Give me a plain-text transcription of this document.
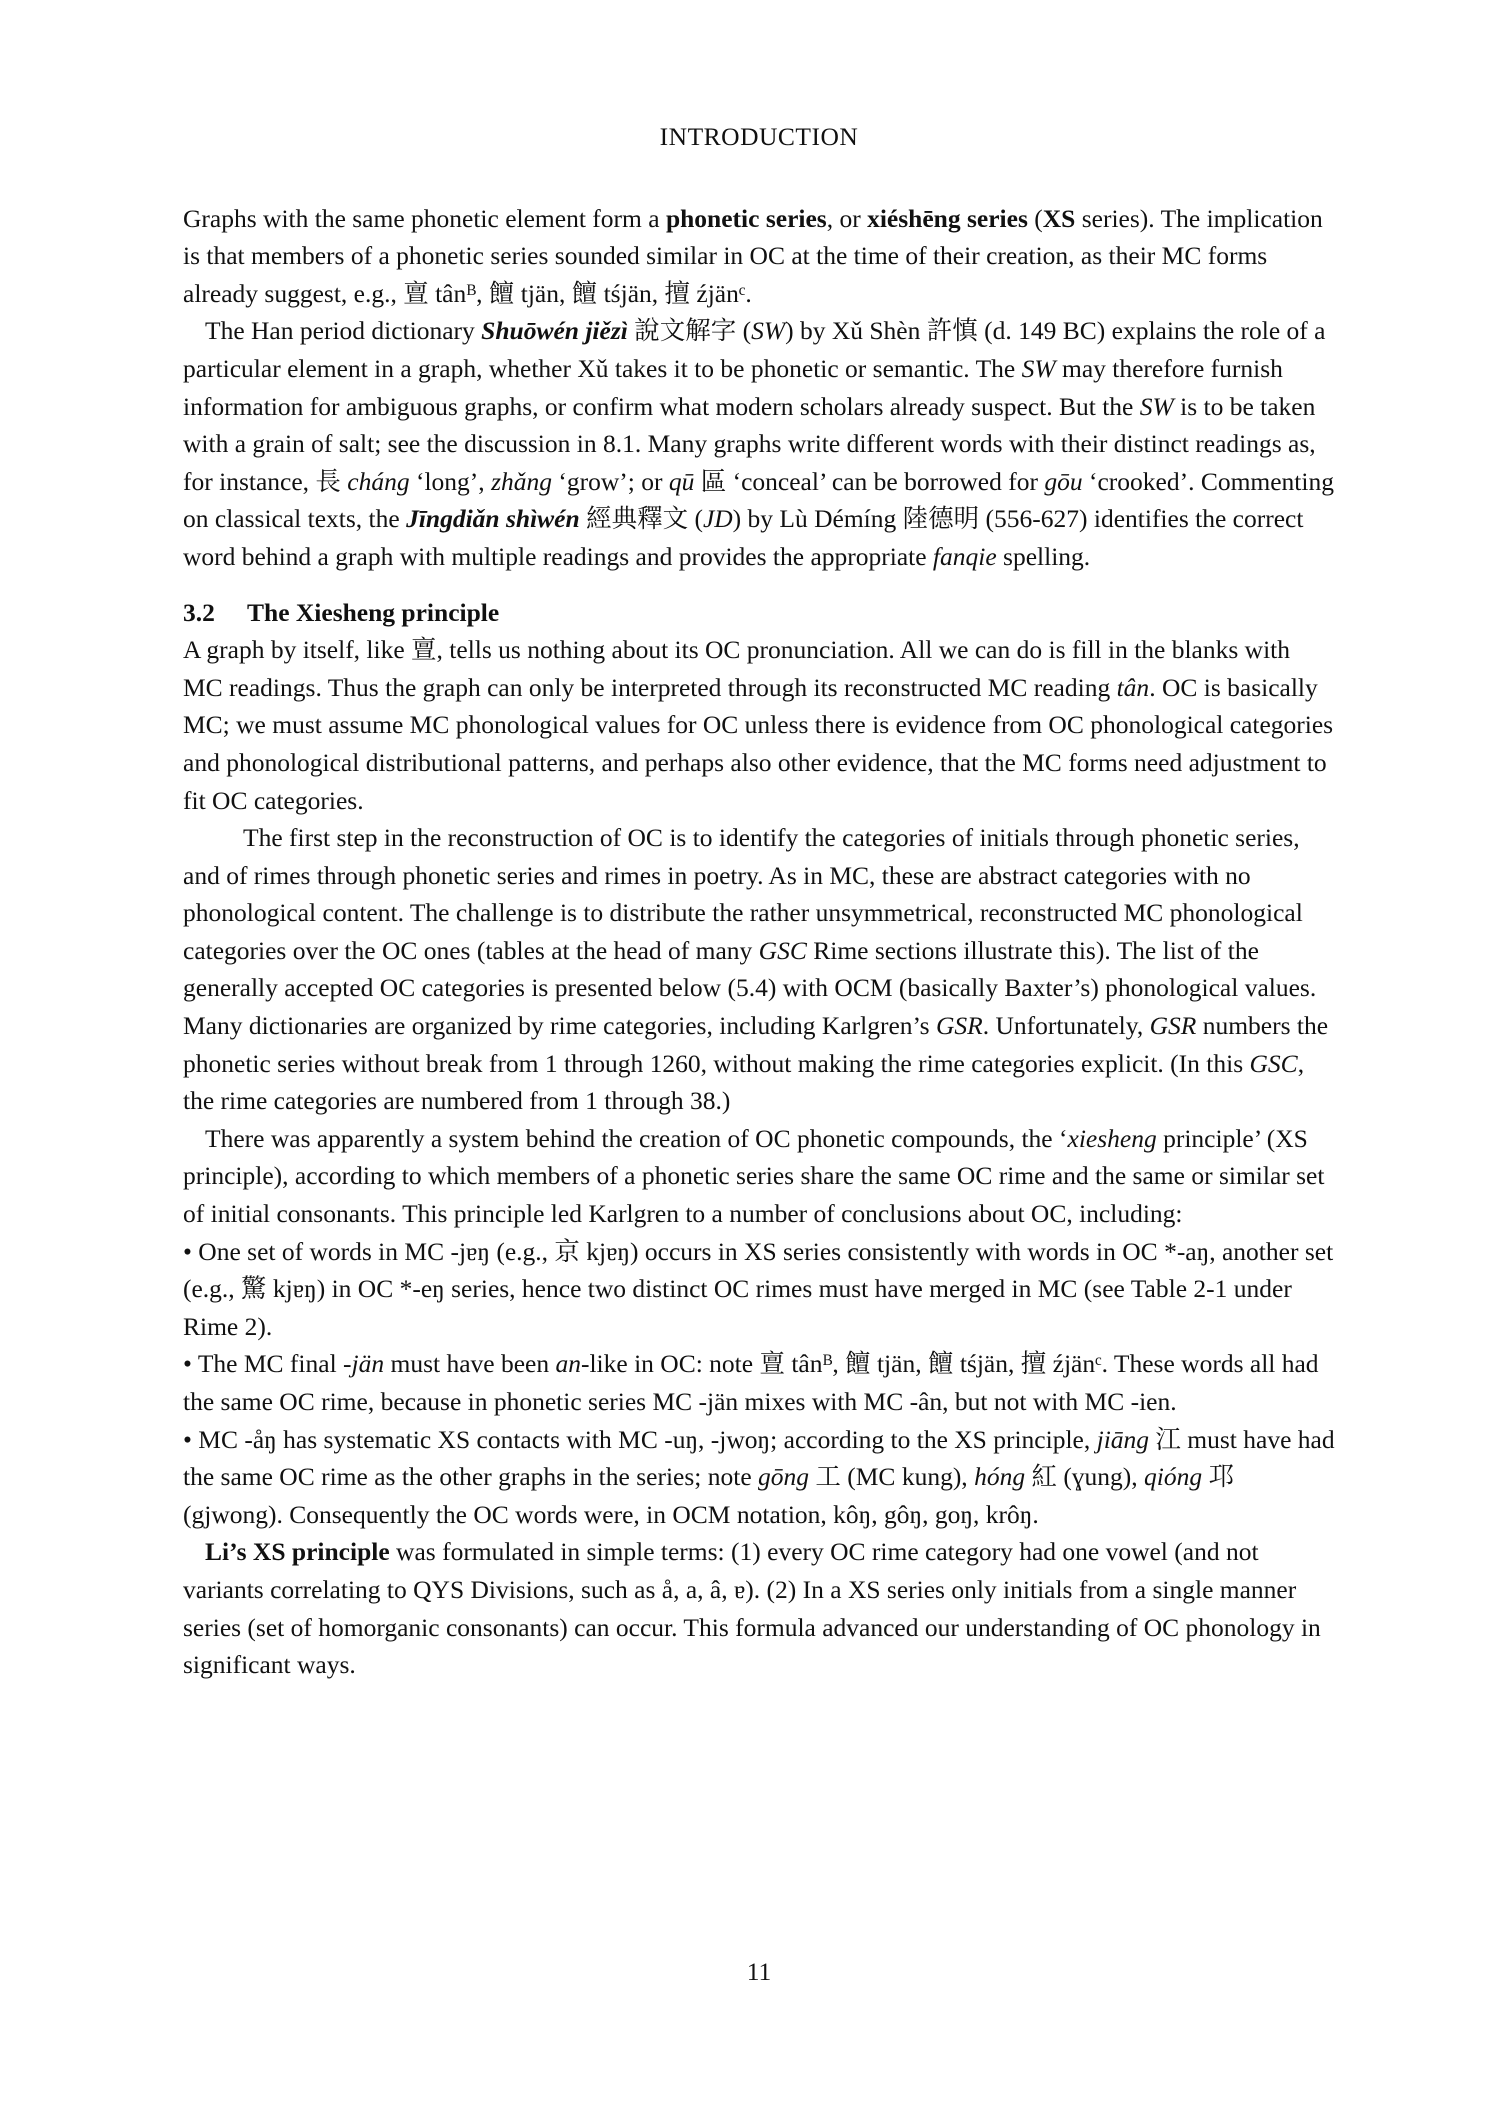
INTRODUCTION

Graphs with the same phonetic element form a phonetic series, or xiéshēng series (XS series). The implication is that members of a phonetic series sounded similar in OC at the time of their creation, as their MC forms already suggest, e.g., 亶 tânᴮ, 饘 tjän, 饘 tśjän, 擅 źjänᶜ.

The Han period dictionary Shuōwén jiězì 說文解字 (SW) by Xǔ Shèn 許慎 (d. 149 BC) explains the role of a particular element in a graph, whether Xǔ takes it to be phonetic or semantic. The SW may therefore furnish information for ambiguous graphs, or confirm what modern scholars already suspect. But the SW is to be taken with a grain of salt; see the discussion in 8.1. Many graphs write different words with their distinct readings as, for instance, 長 cháng ‘long’, zhǎng ‘grow’; or qū 區 ‘conceal’ can be borrowed for gōu ‘crooked’. Commenting on classical texts, the Jīngdiǎn shìwén 經典釋文 (JD) by Lù Démíng 陸德明 (556-627) identifies the correct word behind a graph with multiple readings and provides the appropriate fanqie spelling.

3.2 The Xiesheng principle

A graph by itself, like 亶, tells us nothing about its OC pronunciation. All we can do is fill in the blanks with MC readings. Thus the graph can only be interpreted through its reconstructed MC reading tân. OC is basically MC; we must assume MC phonological values for OC unless there is evidence from OC phonological categories and phonological distributional patterns, and perhaps also other evidence, that the MC forms need adjustment to fit OC categories.

The first step in the reconstruction of OC is to identify the categories of initials through phonetic series, and of rimes through phonetic series and rimes in poetry. As in MC, these are abstract categories with no phonological content. The challenge is to distribute the rather unsymmetrical, reconstructed MC phonological categories over the OC ones (tables at the head of many GSC Rime sections illustrate this). The list of the generally accepted OC categories is presented below (5.4) with OCM (basically Baxter’s) phonological values. Many dictionaries are organized by rime categories, including Karlgren’s GSR. Unfortunately, GSR numbers the phonetic series without break from 1 through 1260, without making the rime categories explicit. (In this GSC, the rime categories are numbered from 1 through 38.)

There was apparently a system behind the creation of OC phonetic compounds, the ‘xiesheng principle’ (XS principle), according to which members of a phonetic series share the same OC rime and the same or similar set of initial consonants. This principle led Karlgren to a number of conclusions about OC, including:

• One set of words in MC -jɐŋ (e.g., 京 kjɐŋ) occurs in XS series consistently with words in OC *-aŋ, another set (e.g., 驚 kjɐŋ) in OC *-eŋ series, hence two distinct OC rimes must have merged in MC (see Table 2-1 under Rime 2).

• The MC final -jän must have been an-like in OC: note 亶 tânᴮ, 饘 tjän, 饘 tśjän, 擅 źjänᶜ. These words all had the same OC rime, because in phonetic series MC -jän mixes with MC -ân, but not with MC -ien.

• MC -åŋ has systematic XS contacts with MC -uŋ, -jwoŋ; according to the XS principle, jiāng 江 must have had the same OC rime as the other graphs in the series; note gōng 工 (MC kung), hóng 紅 (ɣung), qióng 邛 (gjwong). Consequently the OC words were, in OCM notation, kôŋ, gôŋ, goŋ, krôŋ.

Li’s XS principle was formulated in simple terms: (1) every OC rime category had one vowel (and not variants correlating to QYS Divisions, such as å, a, â, ɐ). (2) In a XS series only initials from a single manner series (set of homorganic consonants) can occur. This formula advanced our understanding of OC phonology in significant ways.

11
